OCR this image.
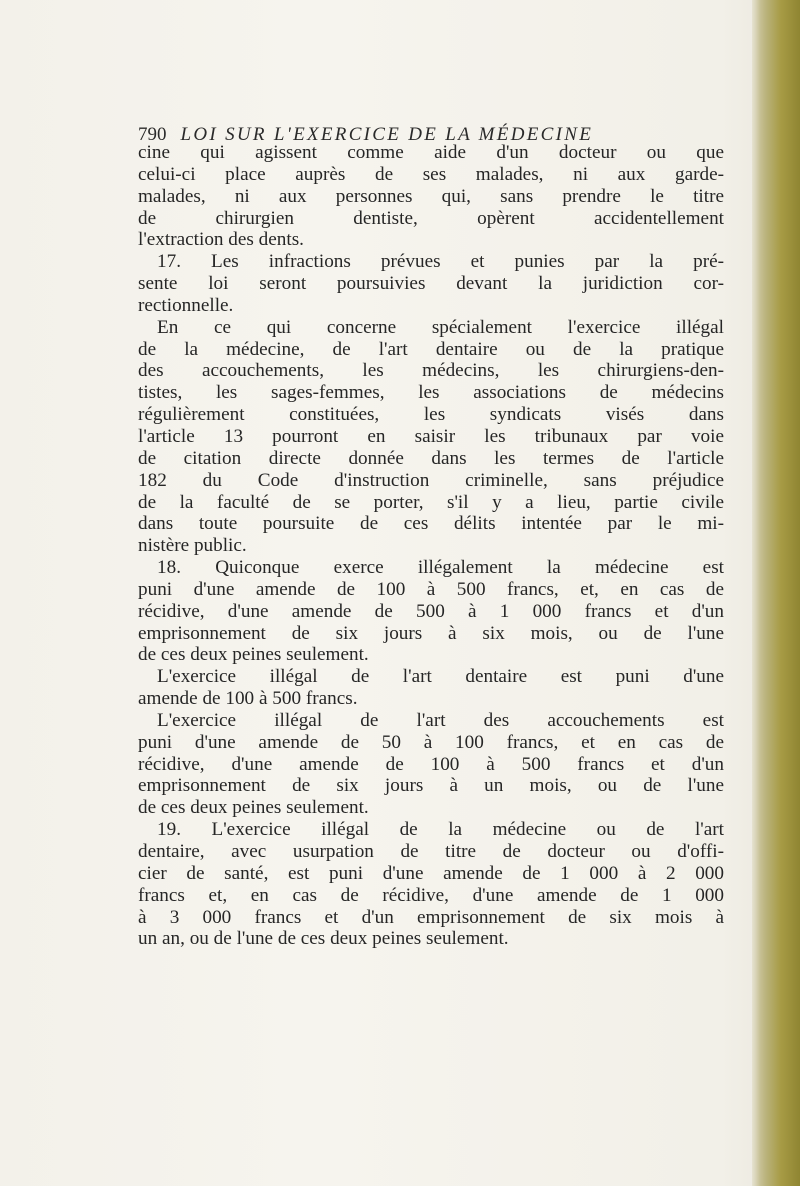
790 LOI SUR L'EXERCICE DE LA MÉDECINE
cine qui agissent comme aide d'un docteur ou que
celui-ci place auprès de ses malades, ni aux garde-
malades, ni aux personnes qui, sans prendre le titre
de chirurgien dentiste, opèrent accidentellement
l'extraction des dents.
17. Les infractions prévues et punies par la pré-
sente loi seront poursuivies devant la juridiction cor-
rectionnelle.
En ce qui concerne spécialement l'exercice illégal
de la médecine, de l'art dentaire ou de la pratique
des accouchements, les médecins, les chirurgiens-den-
tistes, les sages-femmes, les associations de médecins
régulièrement constituées, les syndicats visés dans
l'article 13 pourront en saisir les tribunaux par voie
de citation directe donnée dans les termes de l'article
182 du Code d'instruction criminelle, sans préjudice
de la faculté de se porter, s'il y a lieu, partie civile
dans toute poursuite de ces délits intentée par le mi-
nistère public.
18. Quiconque exerce illégalement la médecine est
puni d'une amende de 100 à 500 francs, et, en cas de
récidive, d'une amende de 500 à 1 000 francs et d'un
emprisonnement de six jours à six mois, ou de l'une
de ces deux peines seulement.
L'exercice illégal de l'art dentaire est puni d'une
amende de 100 à 500 francs.
L'exercice illégal de l'art des accouchements est
puni d'une amende de 50 à 100 francs, et en cas de
récidive, d'une amende de 100 à 500 francs et d'un
emprisonnement de six jours à un mois, ou de l'une
de ces deux peines seulement.
19. L'exercice illégal de la médecine ou de l'art
dentaire, avec usurpation de titre de docteur ou d'offi-
cier de santé, est puni d'une amende de 1 000 à 2 000
francs et, en cas de récidive, d'une amende de 1 000
à 3 000 francs et d'un emprisonnement de six mois à
un an, ou de l'une de ces deux peines seulement.
